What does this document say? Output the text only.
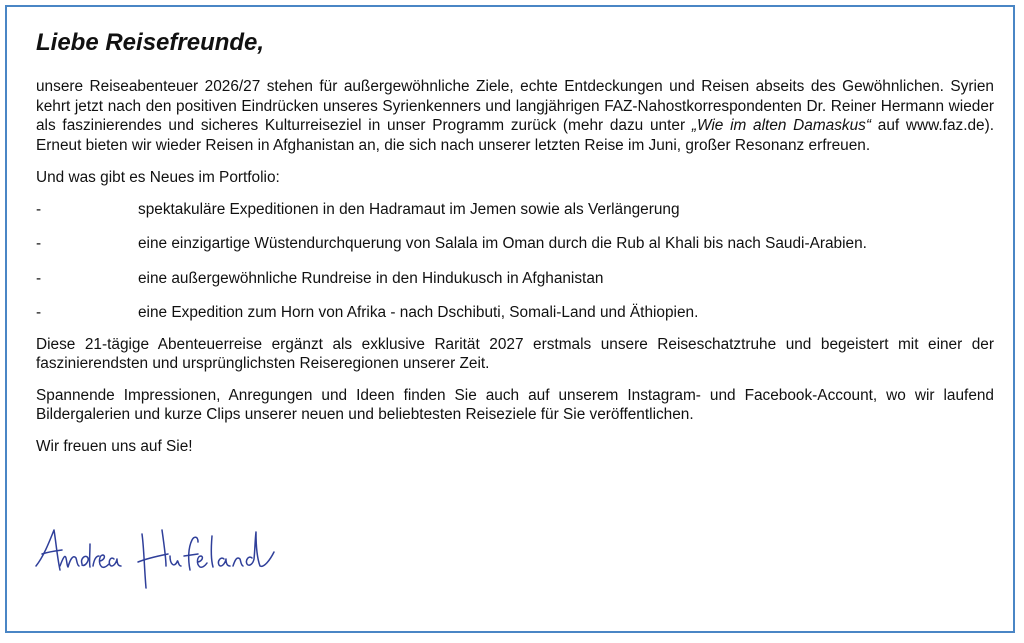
Liebe Reisefreunde,

unsere Reiseabenteuer 2026/27 stehen für außergewöhnliche Ziele, echte Entdeckungen und Reisen abseits des Gewöhnlichen. Syrien kehrt jetzt nach den positiven Eindrücken unseres Syrienkenners und langjährigen FAZ-Nahostkorrespondenten Dr. Reiner Hermann wieder als faszinierendes und sicheres Kulturreiseziel in unser Programm zurück (mehr dazu unter „Wie im alten Damaskus“ auf www.faz.de). Erneut bieten wir wieder Reisen in Afghanistan an, die sich nach unserer letzten Reise im Juni, großer Resonanz erfreuen.

Und was gibt es Neues im Portfolio:

-	spektakuläre Expeditionen in den Hadramaut im Jemen sowie als Verlängerung
-	eine einzigartige Wüstendurchquerung von Salala im Oman durch die Rub al Khali bis nach Saudi-Arabien.
-	eine außergewöhnliche Rundreise in den Hindukusch in Afghanistan
-	eine Expedition zum Horn von Afrika - nach Dschibuti, Somali-Land und Äthiopien.

Diese 21-tägige Abenteuerreise ergänzt als exklusive Rarität 2027 erstmals unsere Reiseschatztruhe und begeistert mit einer der faszinierendsten und ursprünglichsten Reiseregionen unserer Zeit.

Spannende Impressionen, Anregungen und Ideen finden Sie auch auf unserem Instagram- und Facebook-Account, wo wir laufend Bildergalerien und kurze Clips unserer neuen und beliebtesten Reiseziele für Sie veröffentlichen.

Wir freuen uns auf Sie!
